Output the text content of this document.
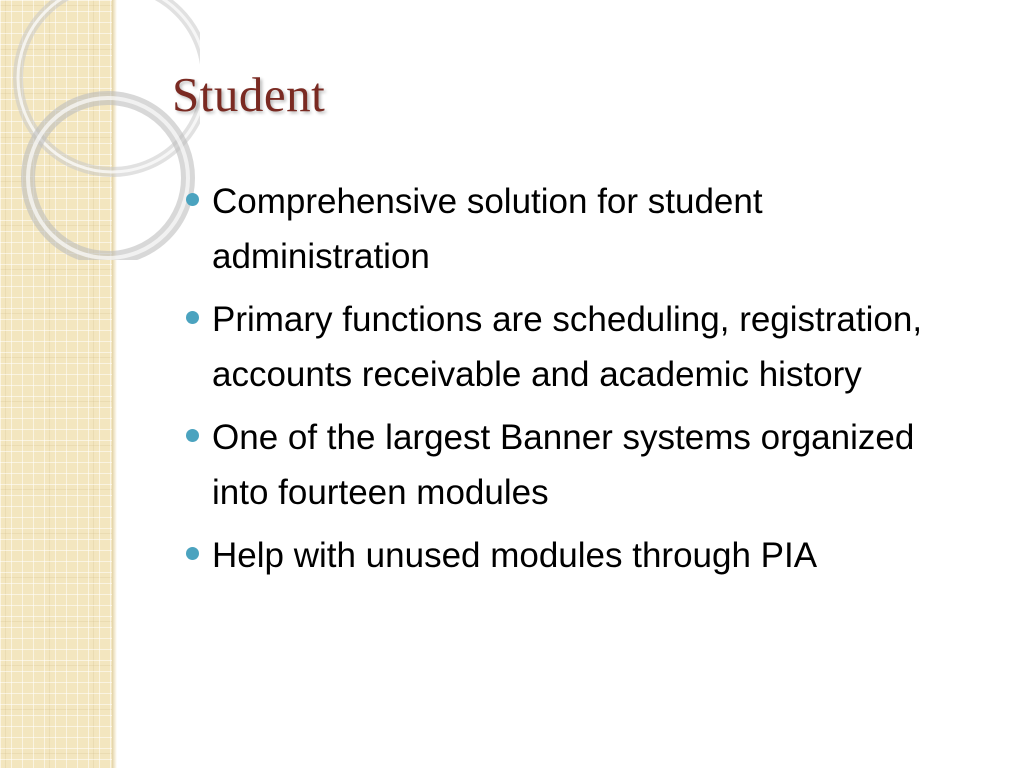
Student
Comprehensive solution for student administration
Primary functions are scheduling, registration, accounts receivable and academic history
One of the largest Banner systems organized into fourteen modules
Help with unused modules through PIA
